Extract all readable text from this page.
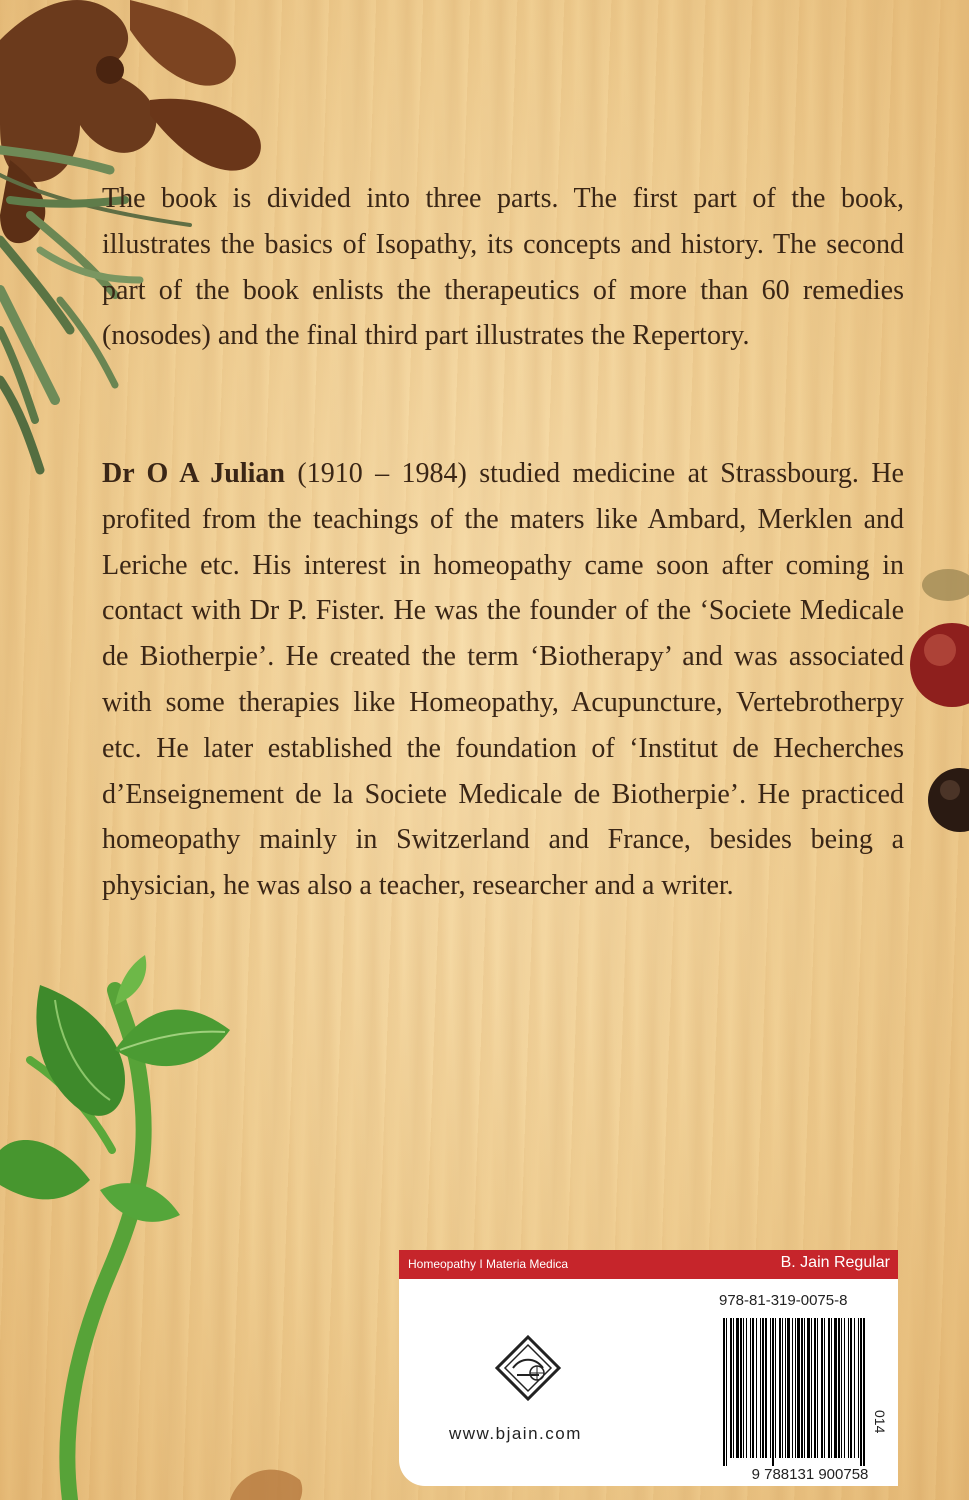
The book is divided into three parts. The first part of the book, illustrates the basics of Isopathy, its concepts and history. The second part of the book enlists the therapeutics of more than 60 remedies (nosodes) and the final third part illustrates the Repertory.

Dr O A Julian (1910 – 1984) studied medicine at Strassbourg. He profited from the teachings of the maters like Ambard, Merklen and Leriche etc. His interest in homeopathy came soon after coming in contact with Dr P. Fister. He was the founder of the ‘Societe Medicale de Biotherpie’. He created the term ‘Biotherapy’ and was associated with some therapies like Homeopathy, Acupuncture, Vertebrotherpy etc. He later established the foundation of ‘Institut de Hecherches d’Enseignement de la Societe Medicale de Biotherpie’. He practiced homeopathy mainly in Switzerland and France, besides being a physician, he was also a teacher, researcher and a writer.

Homeopathy I Materia Medica	B. Jain Regular
978-81-319-0075-8
www.bjain.com
9 788131 900758
014
